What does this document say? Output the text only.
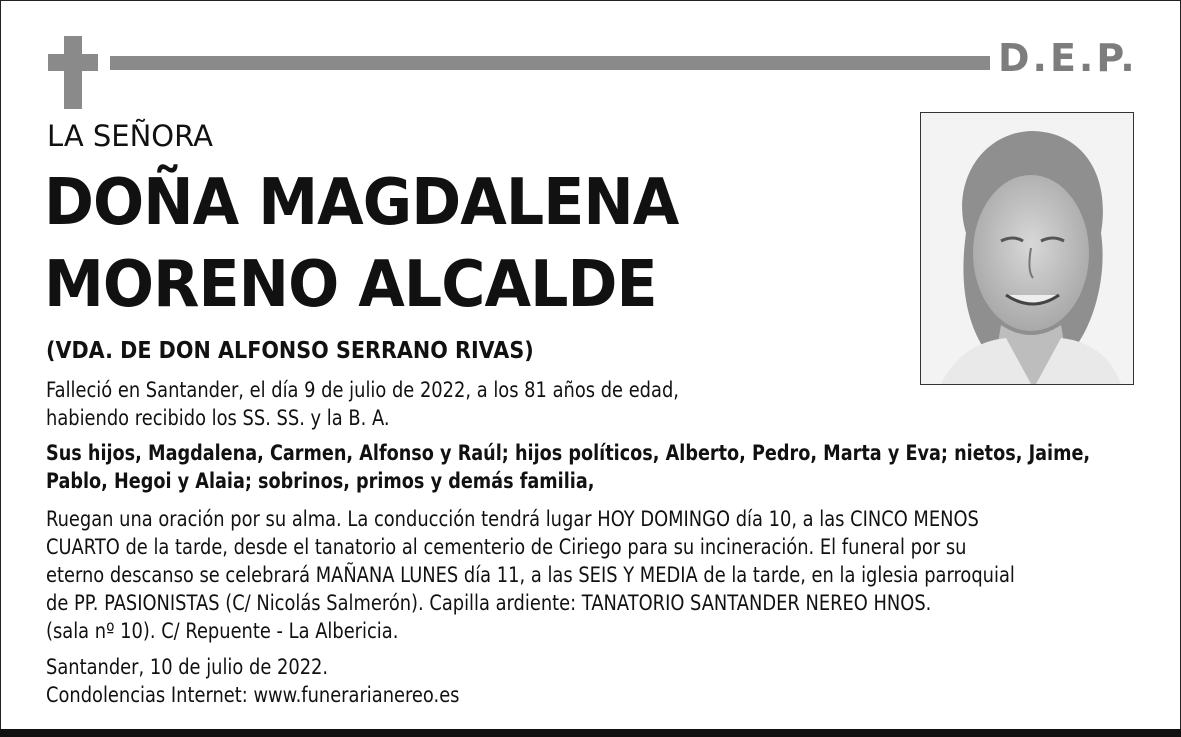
D.E.P.
LA SEÑORA
DOÑA MAGDALENA
MORENO ALCALDE
(VDA. DE DON ALFONSO SERRANO RIVAS)
Falleció en Santander, el día 9 de julio de 2022, a los 81 años de edad,
habiendo recibido los SS. SS. y la B. A.
Sus hijos, Magdalena, Carmen, Alfonso y Raúl; hijos políticos, Alberto, Pedro, Marta y Eva; nietos, Jaime,
Pablo, Hegoi y Alaia; sobrinos, primos y demás familia,
Ruegan una oración por su alma. La conducción tendrá lugar HOY DOMINGO día 10, a las CINCO MENOS
CUARTO de la tarde, desde el tanatorio al cementerio de Ciriego para su incineración. El funeral por su
eterno descanso se celebrará MAÑANA LUNES día 11, a las SEIS Y MEDIA de la tarde, en la iglesia parroquial
de PP. PASIONISTAS (C/ Nicolás Salmerón). Capilla ardiente: TANATORIO SANTANDER NEREO HNOS.
(sala nº 10). C/ Repuente - La Albericia.
Santander, 10 de julio de 2022.
Condolencias Internet: www.funerarianereo.es
